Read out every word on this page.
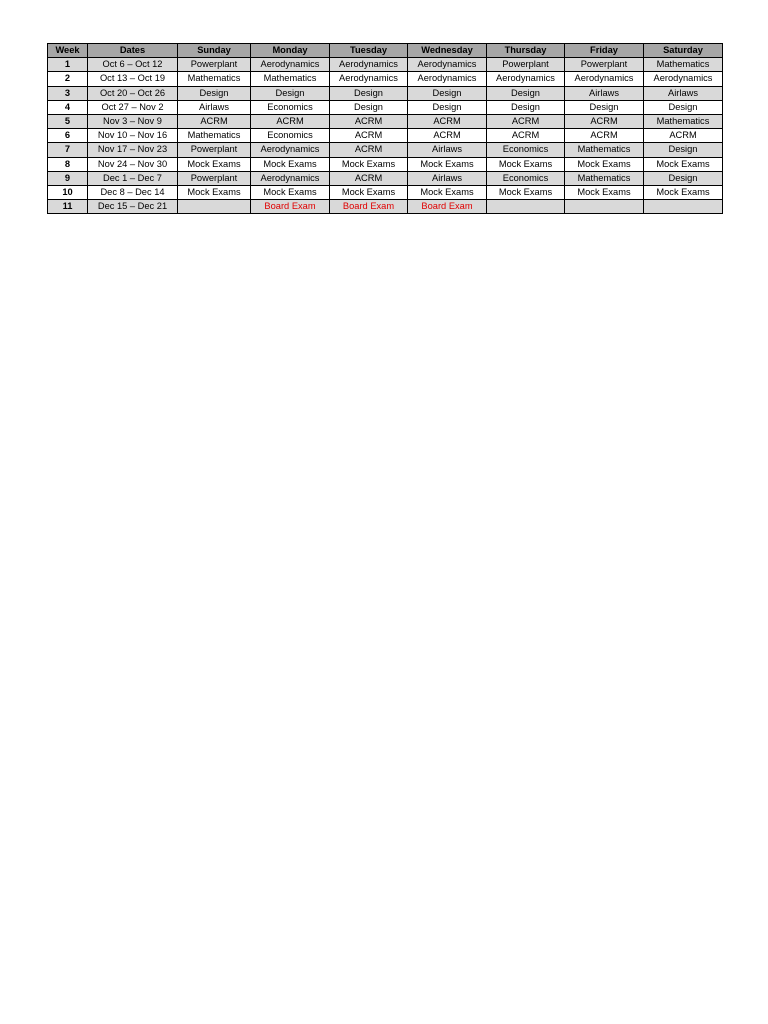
Week	Dates	Sunday	Monday	Tuesday	Wednesday	Thursday	Friday	Saturday
1	Oct 6 – Oct 12	Powerplant	Aerodynamics	Aerodynamics	Aerodynamics	Powerplant	Powerplant	Mathematics
2	Oct 13 – Oct 19	Mathematics	Mathematics	Aerodynamics	Aerodynamics	Aerodynamics	Aerodynamics	Aerodynamics
3	Oct 20 – Oct 26	Design	Design	Design	Design	Design	Airlaws	Airlaws
4	Oct 27 – Nov 2	Airlaws	Economics	Design	Design	Design	Design	Design
5	Nov 3 – Nov 9	ACRM	ACRM	ACRM	ACRM	ACRM	ACRM	Mathematics
6	Nov 10 – Nov 16	Mathematics	Economics	ACRM	ACRM	ACRM	ACRM	ACRM
7	Nov 17 – Nov 23	Powerplant	Aerodynamics	ACRM	Airlaws	Economics	Mathematics	Design
8	Nov 24 – Nov 30	Mock Exams	Mock Exams	Mock Exams	Mock Exams	Mock Exams	Mock Exams	Mock Exams
9	Dec 1 – Dec 7	Powerplant	Aerodynamics	ACRM	Airlaws	Economics	Mathematics	Design
10	Dec 8 – Dec 14	Mock Exams	Mock Exams	Mock Exams	Mock Exams	Mock Exams	Mock Exams	Mock Exams
11	Dec 15 – Dec 21		Board Exam	Board Exam	Board Exam			
